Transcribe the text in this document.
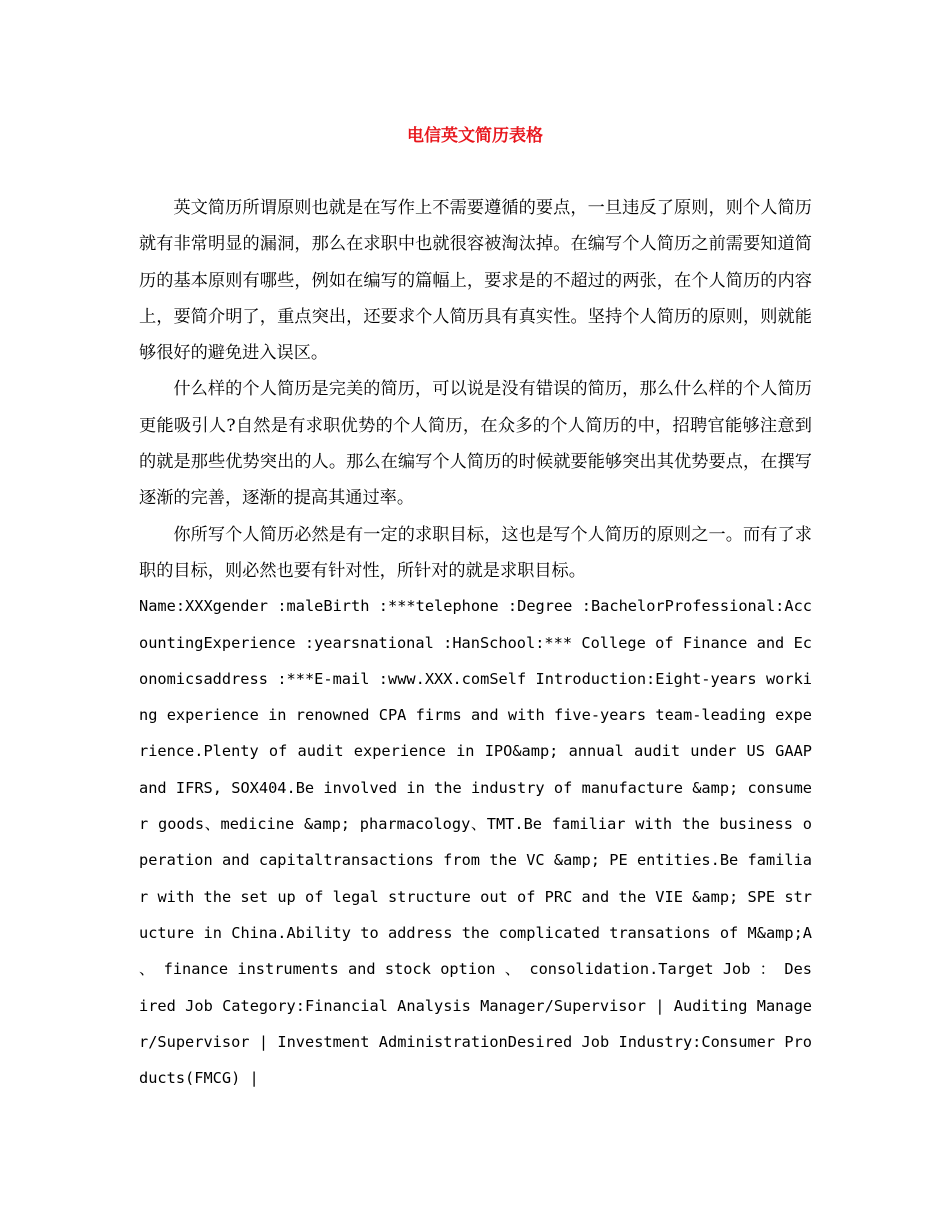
电信英文简历表格

英文简历所谓原则也就是在写作上不需要遵循的要点，一旦违反了原则，则个人简历就有非常明显的漏洞，那么在求职中也就很容被淘汰掉。在编写个人简历之前需要知道简历的基本原则有哪些，例如在编写的篇幅上，要求是的不超过的两张，在个人简历的内容上，要简介明了，重点突出，还要求个人简历具有真实性。坚持个人简历的原则，则就能够很好的避免进入误区。

什么样的个人简历是完美的简历，可以说是没有错误的简历，那么什么样的个人简历更能吸引人?自然是有求职优势的个人简历，在众多的个人简历的中，招聘官能够注意到的就是那些优势突出的人。那么在编写个人简历的时候就要能够突出其优势要点，在撰写逐渐的完善，逐渐的提高其通过率。

你所写个人简历必然是有一定的求职目标，这也是写个人简历的原则之一。而有了求职的目标，则必然也要有针对性，所针对的就是求职目标。

Name:XXXgender :maleBirth :***telephone :Degree :BachelorProfessional:AccountingExperience :yearsnational :HanSchool:*** College of Finance and Economicsaddress :***E-mail :www.XXX.comSelf Introduction:Eight-years working experience in renowned CPA firms and with five-years team-leading experience.Plenty of audit experience in IPO&amp; annual audit under US GAAP and IFRS, SOX404.Be involved in the industry of manufacture &amp; consumer goods、medicine &amp; pharmacology、TMT.Be familiar with the business operation and capitaltransactions from the VC &amp; PE entities.Be familiar with the set up of legal structure out of PRC and the VIE &amp; SPE structure in China.Ability to address the complicated transations of M&amp;A 、 finance instruments and stock option 、 consolidation.Target Job ： Desired Job Category:Financial Analysis Manager/Supervisor | Auditing Manager/Supervisor | Investment AdministrationDesired Job Industry:Consumer Products(FMCG) |
